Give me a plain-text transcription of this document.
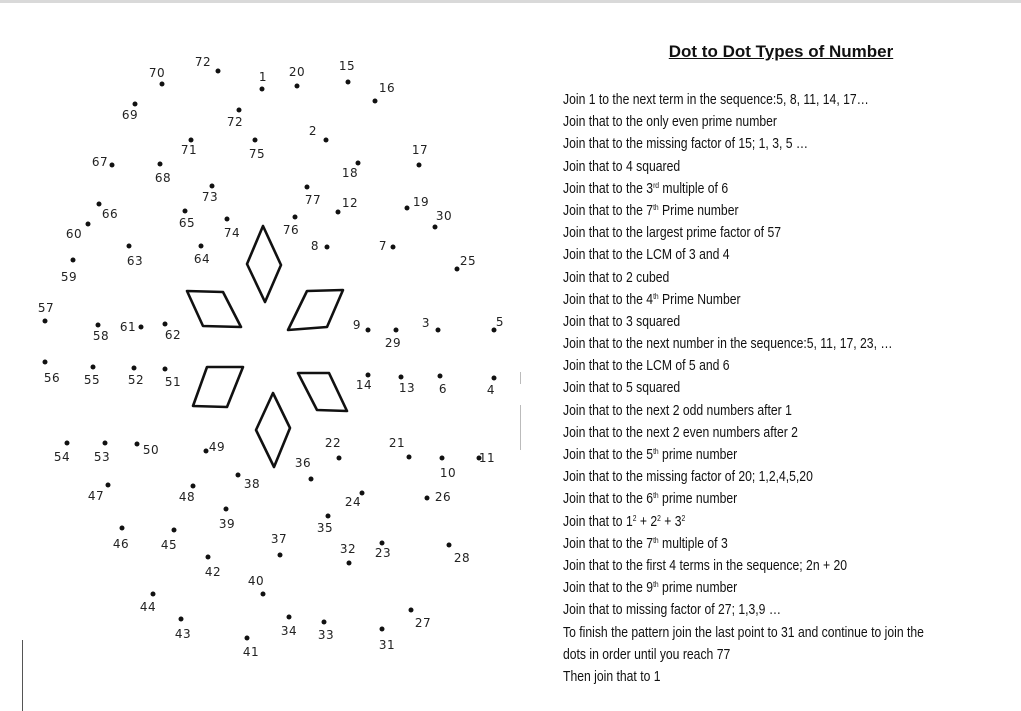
72
70	1 20	15
16
69	72
71	75
2
17
18
67
68
73	77 12	19
30
66
60
65
74	76
8	7
63	64
59
25
57
58
61
62
9
29
3	5
56 55 52 51	14 13 6	4
54 53	50	49	22	21
10
11
36
47	48
38
24	26
39	35
46	45	37
32 23	28
42
40
44
27
34 33
31
43
41
Dot to Dot Types of Number
Join 1 to the next term in the sequence:5, 8, 11, 14, 17…
Join that to the only even prime number
Join that to the missing factor of 15; 1, 3, 5 …
Join that to 4 squared
Join that to the 3rd multiple of 6
Join that to the 7th Prime number
Join that to the largest prime factor of 57
Join that to the LCM of 3 and 4
Join that to 2 cubed
Join that to the 4th Prime Number
Join that to 3 squared
Join that to the next number in the sequence:5, 11, 17, 23, …
Join that to the LCM of 5 and 6
Join that to 5 squared
Join that to the next 2 odd numbers after 1
Join that to the next 2 even numbers after 2
Join that to the 5th prime number
Join that to the missing factor of 20; 1,2,4,5,20
Join that to the 6th prime number
Join that to $1^2 + 2^2 + 3^2$
Join that to the 7th multiple of 3
Join that to the first 4 terms in the sequence; 2n + 20
Join that to the 9th prime number
Join that to missing factor of 27; 1,3,9 …
To finish the pattern join the last point to 31 and continue to join the
dots in order until you reach 77
Then join that to 1
